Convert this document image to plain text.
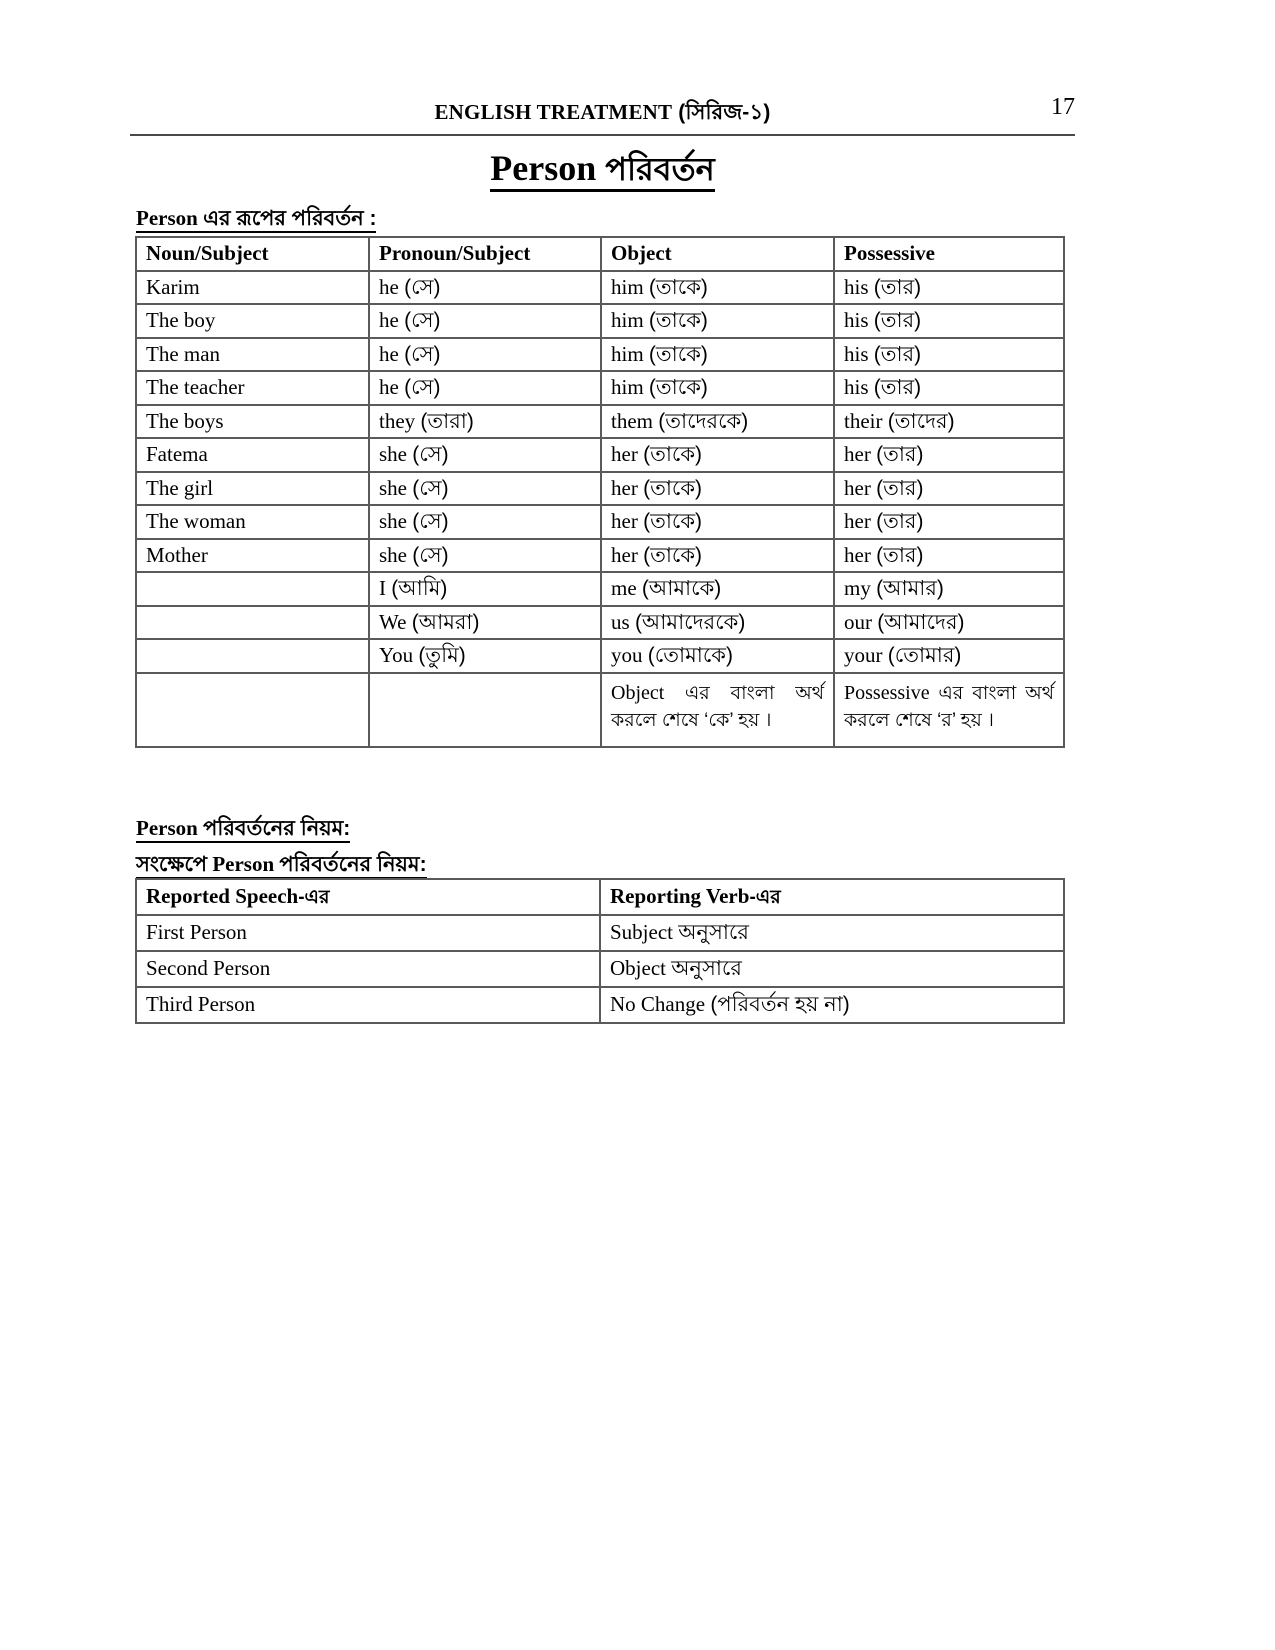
ENGLISH TREATMENT (সিরিজ-১)	17
Person পরিবর্তন
Person এর রূপের পরিবর্তন :
Noun/Subject	Pronoun/Subject	Object	Possessive
Karim	he (সে)	him (তাকে)	his (তার)
The boy	he (সে)	him (তাকে)	his (তার)
The man	he (সে)	him (তাকে)	his (তার)
The teacher	he (সে)	him (তাকে)	his (তার)
The boys	they (তারা)	them (তাদেরকে)	their (তাদের)
Fatema	she (সে)	her (তাকে)	her (তার)
The girl	she (সে)	her (তাকে)	her (তার)
The woman	she (সে)	her (তাকে)	her (তার)
Mother	she (সে)	her (তাকে)	her (তার)
	I (আমি)	me (আমাকে)	my (আমার)
	We (আমরা)	us (আমাদেরকে)	our (আমাদের)
	You (তুমি)	you (তোমাকে)	your (তোমার)
		Object এর বাংলা অর্থ করলে শেষে ‘কে’ হয় ।	Possessive এর বাংলা অর্থ করলে শেষে ‘র’ হয় ।
Person পরিবর্তনের নিয়ম:
সংক্ষেপে Person পরিবর্তনের নিয়ম:
Reported Speech-এর	Reporting Verb-এর
First Person	Subject অনুসারে
Second Person	Object অনুসারে
Third Person	No Change (পরিবর্তন হয় না)
